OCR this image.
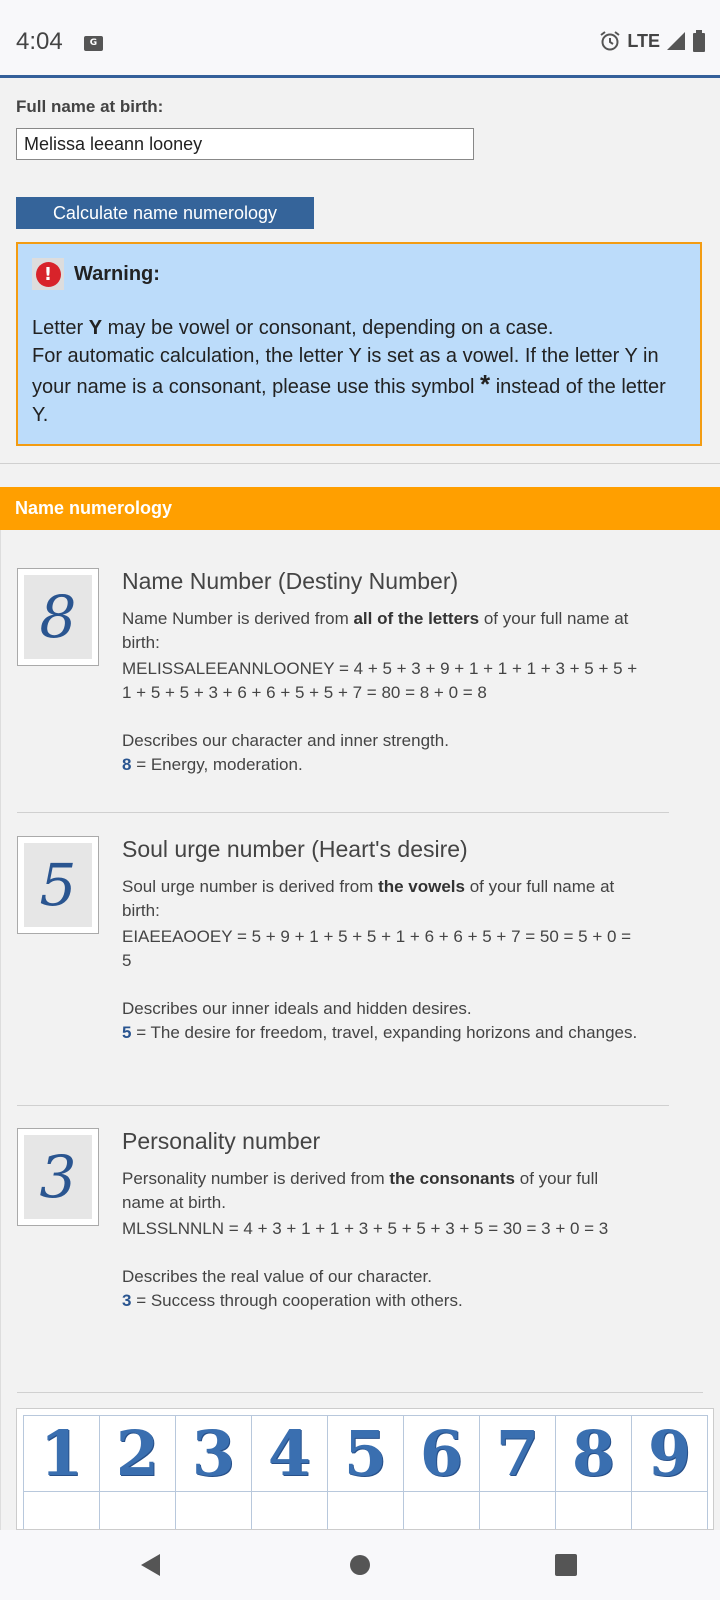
4:04	G	LTE
Full name at birth:
Melissa leeann looney
Calculate name numerology
!	Warning:
Letter Y may be vowel or consonant, depending on a case.
For automatic calculation, the letter Y is set as a vowel. If the letter Y in your name is a consonant, please use this symbol * instead of the letter Y.
Name numerology
8
Name Number (Destiny Number)
Name Number is derived from all of the letters of your full name at birth:
MELISSALEEANNLOONEY = 4 + 5 + 3 + 9 + 1 + 1 + 1 + 3 + 5 + 5 + 1 + 5 + 5 + 3 + 6 + 6 + 5 + 5 + 7 = 80 = 8 + 0 = 8
Describes our character and inner strength.
8 = Energy, moderation.
5
Soul urge number (Heart's desire)
Soul urge number is derived from the vowels of your full name at birth:
EIAEEAOOEY = 5 + 9 + 1 + 5 + 5 + 1 + 6 + 6 + 5 + 7 = 50 = 5 + 0 = 5
Describes our inner ideals and hidden desires.
5 = The desire for freedom, travel, expanding horizons and changes.
3
Personality number
Personality number is derived from the consonants of your full name at birth.
MLSSLNNLN = 4 + 3 + 1 + 1 + 3 + 5 + 5 + 3 + 5 = 30 = 3 + 0 = 3
Describes the real value of our character.
3 = Success through cooperation with others.
1	2	3	4	5	6	7	8	9
